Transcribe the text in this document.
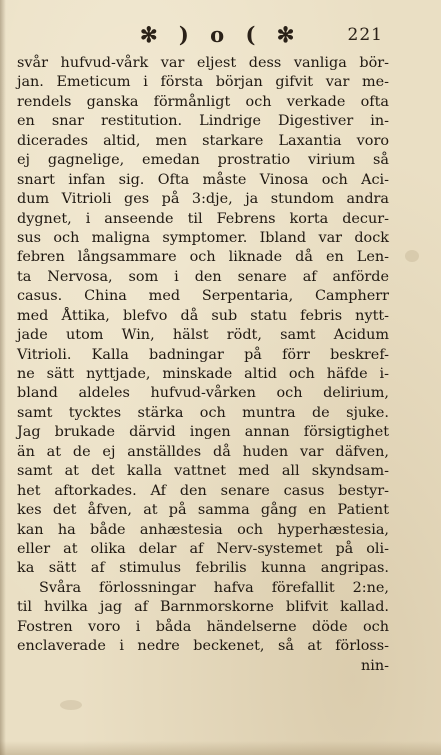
✻ ) o ( ✻	221
svår hufvud-vårk var eljest dess vanliga bör-
jan. Emeticum i första början gifvit var me-
rendels ganska förmånligt och verkade ofta
en snar restitution. Lindrige Digestiver in-
dicerades altid, men starkare Laxantia voro
ej gagnelige, emedan prostratio virium så
snart infan sig. Ofta måste Vinosa och Aci-
dum Vitrioli ges på 3:dje, ja stundom andra
dygnet, i anseende til Febrens korta decur-
sus och maligna symptomer. Ibland var dock
febren långsammare och liknade då en Len-
ta Nervosa, som i den senare af anförde
casus. China med Serpentaria, Campherr
med Åttika, blefvo då sub statu febris nytt-
jade utom Win, hälst rödt, samt Acidum
Vitrioli. Kalla badningar på förr beskref-
ne sätt nyttjade, minskade altid och häfde i-
bland aldeles hufvud-vårken och delirium,
samt tycktes stärka och muntra de sjuke.
Jag brukade därvid ingen annan försigtighet
än at de ej anställdes då huden var däfven,
samt at det kalla vattnet med all skyndsam-
het aftorkades. Af den senare casus bestyr-
kes det åfven, at på samma gång en Patient
kan ha både anhæstesia och hyperhæstesia,
eller at olika delar af Nerv-systemet på oli-
ka sätt af stimulus febrilis kunna angripas.
Svåra förlossningar hafva förefallit 2:ne,
til hvilka jag af Barnmorskorne blifvit kallad.
Fostren voro i båda händelserne döde och
enclaverade i nedre beckenet, så at förloss-
nin-
